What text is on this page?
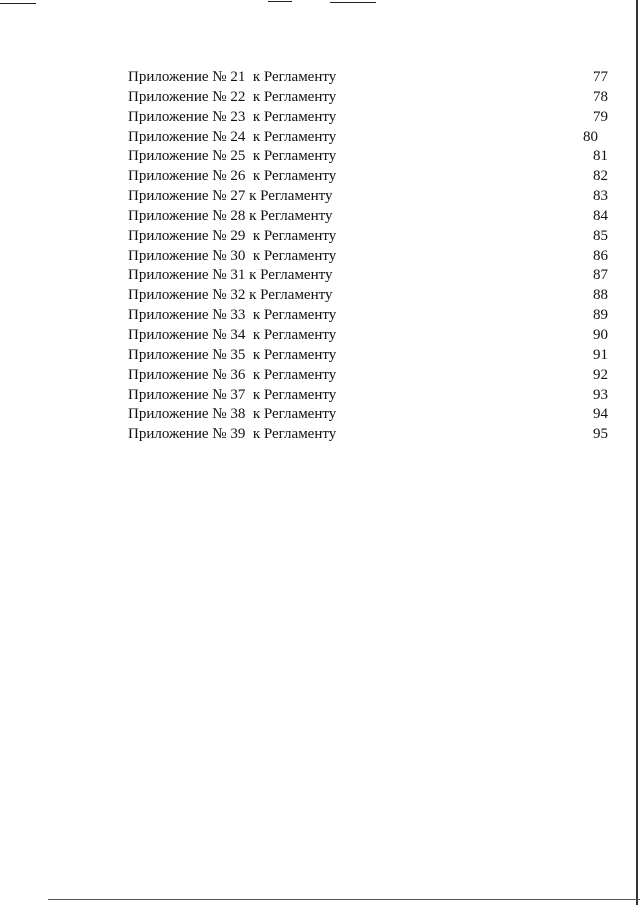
Приложение № 21  к Регламенту	77
Приложение № 22  к Регламенту	78
Приложение № 23  к Регламенту	79
Приложение № 24  к Регламенту	80
Приложение № 25  к Регламенту	81
Приложение № 26  к Регламенту	82
Приложение № 27 к Регламенту	83
Приложение № 28 к Регламенту	84
Приложение № 29  к Регламенту	85
Приложение № 30  к Регламенту	86
Приложение № 31 к Регламенту	87
Приложение № 32 к Регламенту	88
Приложение № 33  к Регламенту	89
Приложение № 34  к Регламенту	90
Приложение № 35  к Регламенту	91
Приложение № 36  к Регламенту	92
Приложение № 37  к Регламенту	93
Приложение № 38  к Регламенту	94
Приложение № 39  к Регламенту	95
